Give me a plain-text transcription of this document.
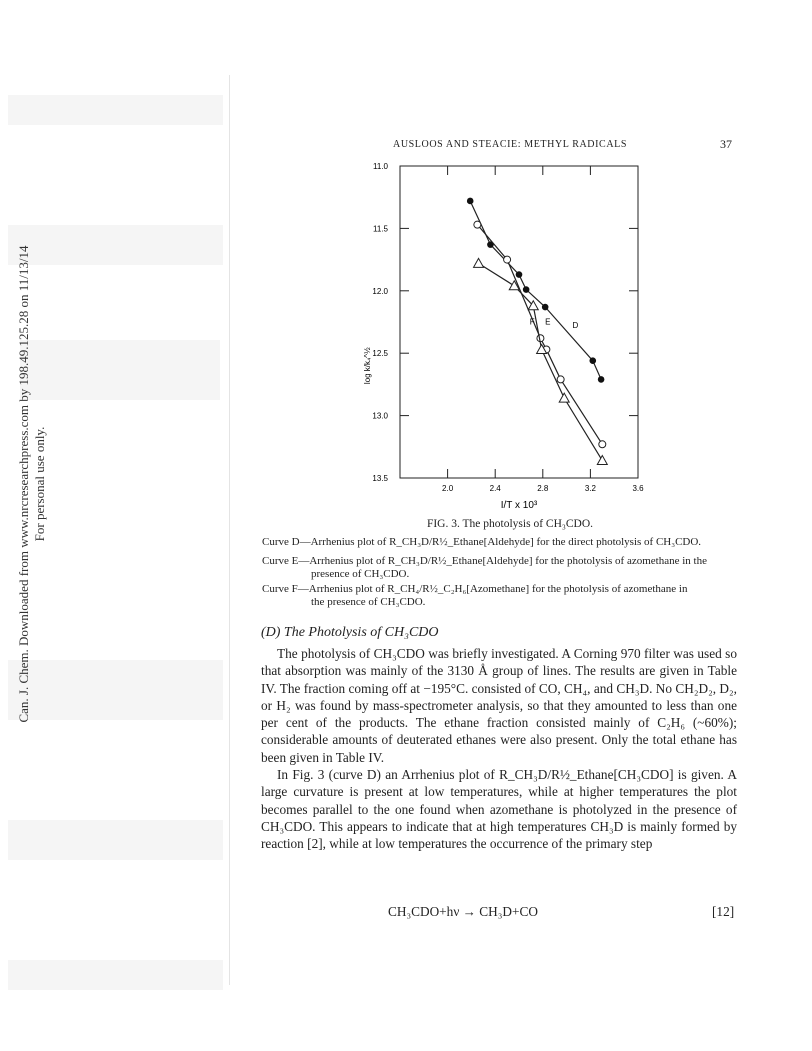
Can. J. Chem. Downloaded from www.nrcresearchpress.com by 198.49.125.28 on 11/13/14 For personal use only.
AUSLOOS AND STEACIE: METHYL RADICALS	37
11.0
11.5
12.0
12.5
13.0
13.5
2.0	2.4	2.8	3.2	3.6
I/T x 10³
log k/k₄^½
D
E
F
FIG. 3. The photolysis of CH₃CDO.
Curve D—Arrhenius plot of R_CH₃D/R½_Ethane[Aldehyde] for the direct photolysis of CH₃CDO.
Curve E—Arrhenius plot of R_CH₃D/R½_Ethane[Aldehyde] for the photolysis of azomethane in the
presence of CH₃CDO.
Curve F—Arrhenius plot of R_CH₄/R½_C₂H₆[Azomethane] for the photolysis of azomethane in
the presence of CH₃CDO.
(D) The Photolysis of CH₃CDO

The photolysis of CH₃CDO was briefly investigated. A Corning 970 filter was used so that absorption was mainly of the 3130 Å group of lines. The results are given in Table IV. The fraction coming off at −195°C. consisted of CO, CH₄, and CH₃D. No CH₂D₂, D₂, or H₂ was found by mass-spectrometer analysis, so that they amounted to less than one per cent of the products. The ethane fraction consisted mainly of C₂H₆ (~60%); considerable amounts of deuterated ethanes were also present. Only the total ethane has been given in Table IV.

In Fig. 3 (curve D) an Arrhenius plot of R_CH₃D/R½_Ethane[CH₃CDO] is given. A large curvature is present at low temperatures, while at higher temperatures the plot becomes parallel to the one found when azomethane is photolyzed in the presence of CH₃CDO. This appears to indicate that at high temperatures CH₃D is mainly formed by reaction [2], while at low temperatures the occurrence of the primary step

CH₃CDO+hν → CH₃D+CO	[12]
